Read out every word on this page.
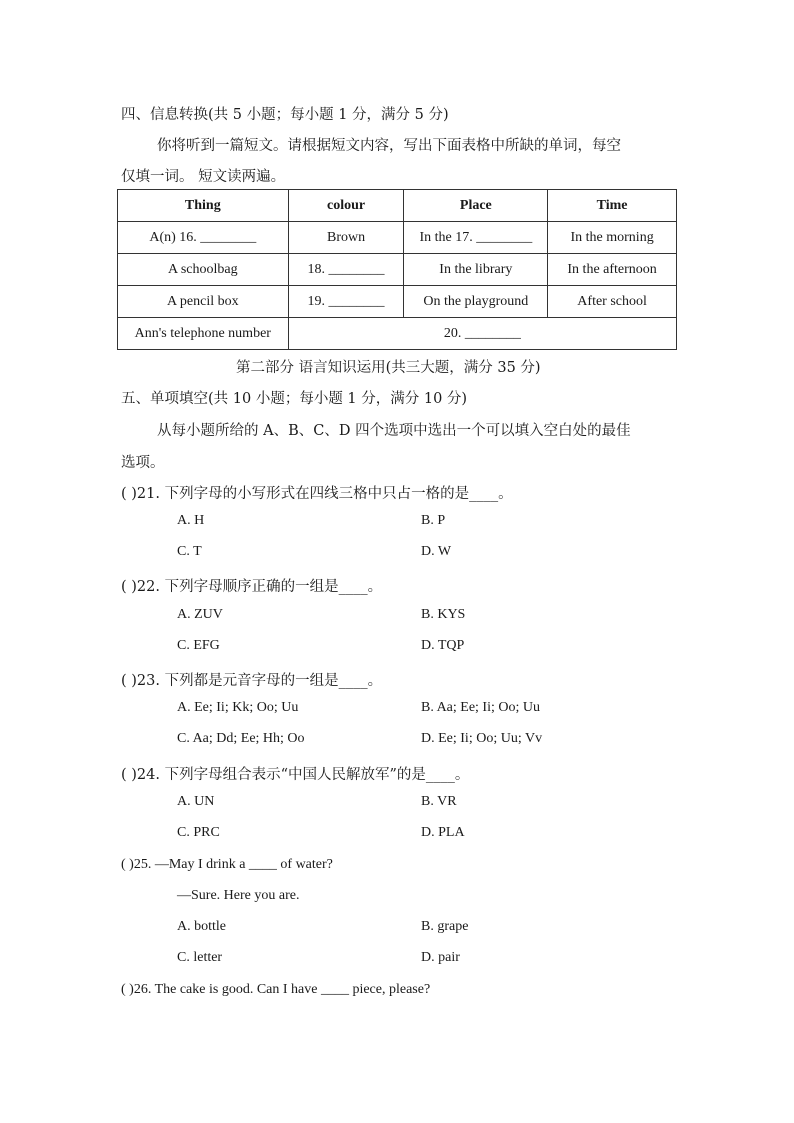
四、信息转换(共 5 小题；每小题 1 分，满分 5 分)
你将听到一篇短文。请根据短文内容，写出下面表格中所缺的单词，每空
仅填一词。 短文读两遍。
Thing	colour	Place	Time
A(n) 16. ________	Brown	In the 17. ________	In the morning
A schoolbag	18. ________	In the library	In the afternoon
A pencil box	19. ________	On the playground	After school
Ann's telephone number	20. ________		
第二部分 语言知识运用(共三大题，满分 35 分)
五、单项填空(共 10 小题；每小题 1 分，满分 10 分)
从每小题所给的 A、B、C、D 四个选项中选出一个可以填入空白处的最佳
选项。
( )21. 下列字母的小写形式在四线三格中只占一格的是____。
A. H	B. P
C. T	D. W
( )22. 下列字母顺序正确的一组是____。
A. ZUV	B. KYS
C. EFG	D. TQP
( )23. 下列都是元音字母的一组是____。
A. Ee; Ii; Kk; Oo; Uu	B. Aa; Ee; Ii; Oo; Uu
C. Aa; Dd; Ee; Hh; Oo	D. Ee; Ii; Oo; Uu; Vv
( )24. 下列字母组合表示“中国人民解放军”的是____。
A. UN	B. VR
C. PRC	D. PLA
( )25. —May I drink a ____ of water?
—Sure. Here you are.
A. bottle	B. grape
C. letter	D. pair
( )26. The cake is good. Can I have ____ piece, please?
